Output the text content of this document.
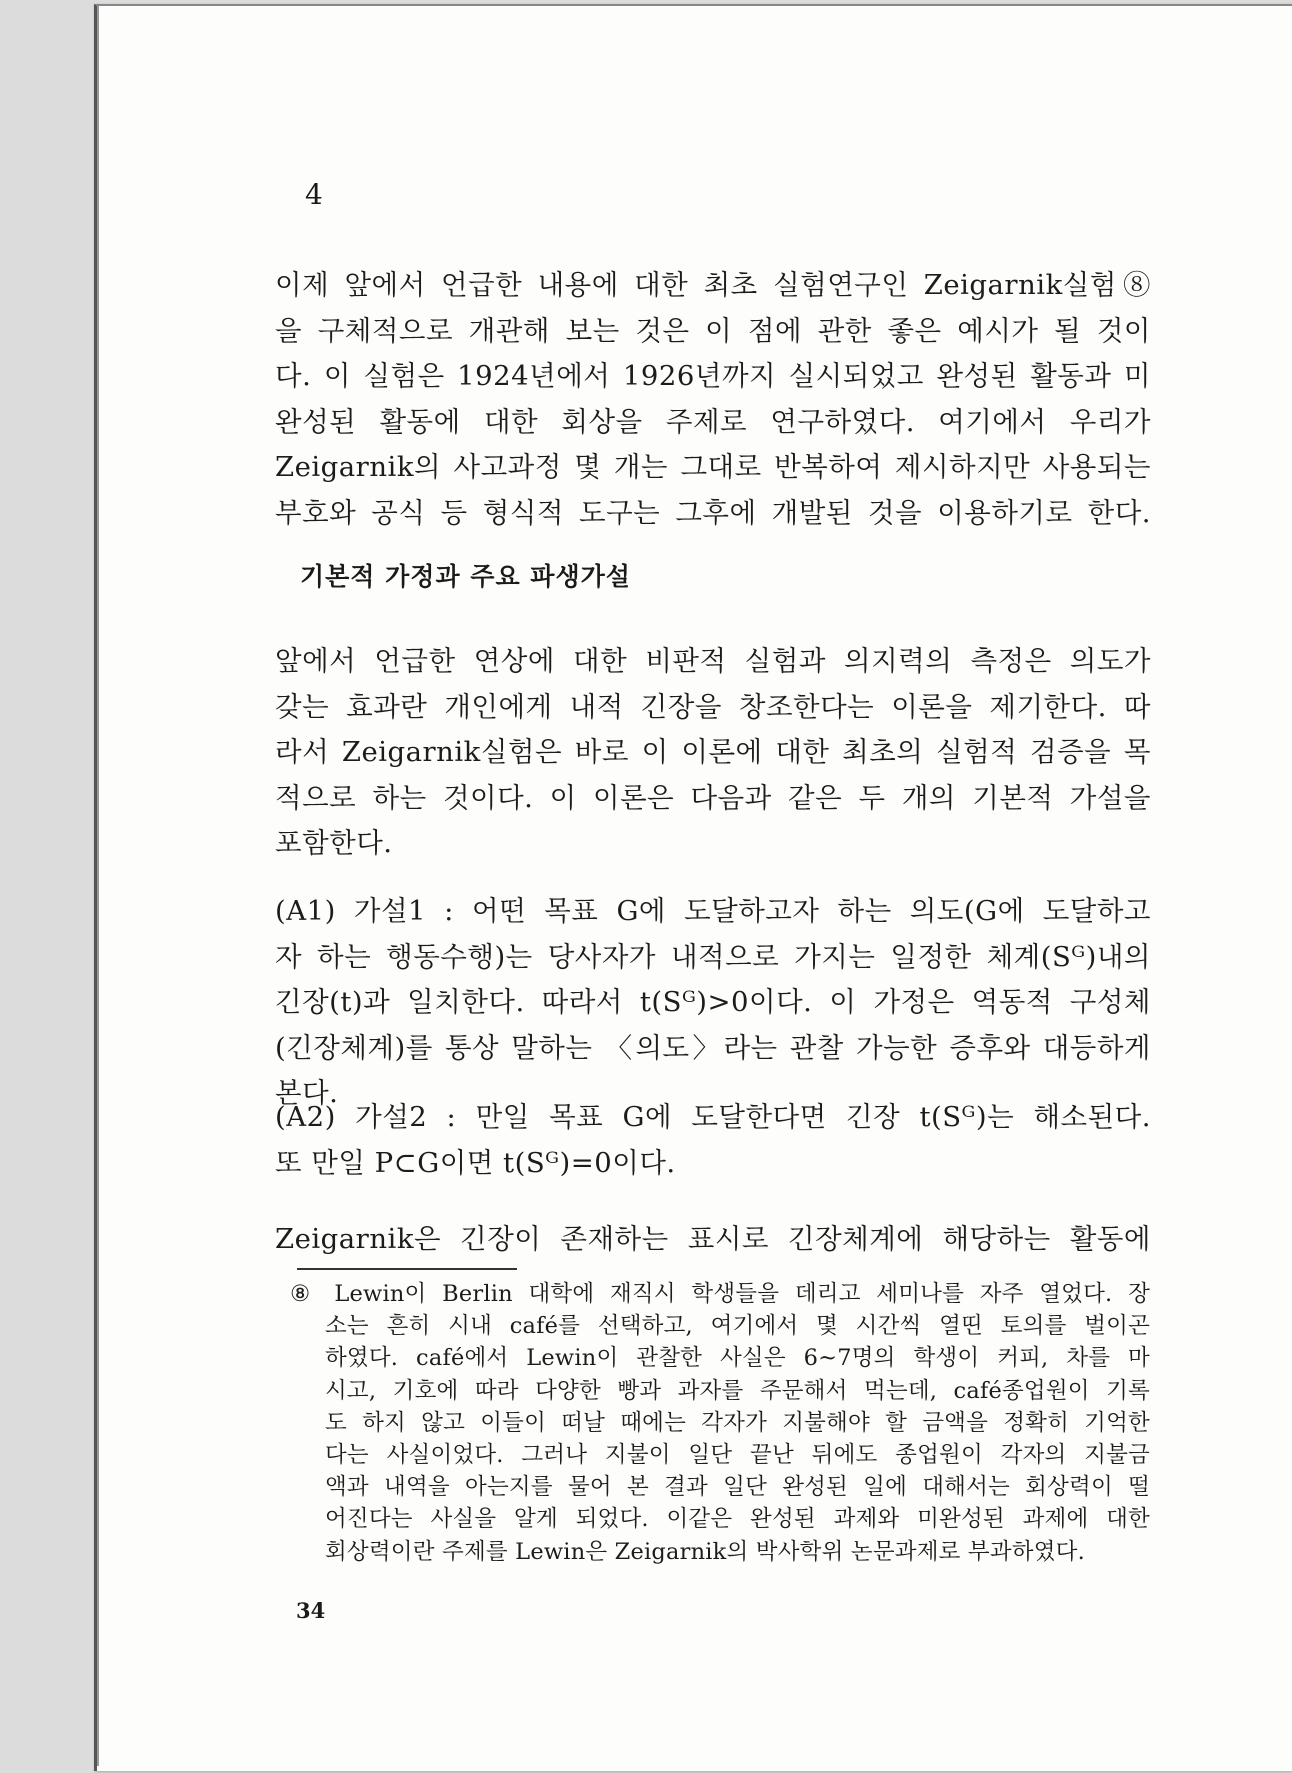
4
이제 앞에서 언급한 내용에 대한 최초 실험연구인 Zeigarnik실험⑧
을 구체적으로 개관해 보는 것은 이 점에 관한 좋은 예시가 될 것이
다. 이 실험은 1924년에서 1926년까지 실시되었고 완성된 활동과 미
완성된 활동에 대한 회상을 주제로 연구하였다. 여기에서 우리가
Zeigarnik의 사고과정 몇 개는 그대로 반복하여 제시하지만 사용되는
부호와 공식 등 형식적 도구는 그후에 개발된 것을 이용하기로 한다.
기본적 가정과 주요 파생가설
앞에서 언급한 연상에 대한 비판적 실험과 의지력의 측정은 의도가
갖는 효과란 개인에게 내적 긴장을 창조한다는 이론을 제기한다. 따
라서 Zeigarnik실험은 바로 이 이론에 대한 최초의 실험적 검증을 목
적으로 하는 것이다. 이 이론은 다음과 같은 두 개의 기본적 가설을
포함한다.
(A1) 가설1 : 어떤 목표 G에 도달하고자 하는 의도(G에 도달하고
자 하는 행동수행)는 당사자가 내적으로 가지는 일정한 체계(Sᴳ)내의
긴장(t)과 일치한다. 따라서 t(Sᴳ)>0이다. 이 가정은 역동적 구성체
(긴장체계)를 통상 말하는 〈의도〉라는 관찰 가능한 증후와 대등하게
본다.
(A2) 가설2 : 만일 목표 G에 도달한다면 긴장 t(Sᴳ)는 해소된다.
또 만일 P⊂G이면 t(Sᴳ)=0이다.
Zeigarnik은 긴장이 존재하는 표시로 긴장체계에 해당하는 활동에
⑧ Lewin이 Berlin 대학에 재직시 학생들을 데리고 세미나를 자주 열었다. 장
소는 흔히 시내 café를 선택하고, 여기에서 몇 시간씩 열띤 토의를 벌이곤
하였다. café에서 Lewin이 관찰한 사실은 6~7명의 학생이 커피, 차를 마
시고, 기호에 따라 다양한 빵과 과자를 주문해서 먹는데, café종업원이 기록
도 하지 않고 이들이 떠날 때에는 각자가 지불해야 할 금액을 정확히 기억한
다는 사실이었다. 그러나 지불이 일단 끝난 뒤에도 종업원이 각자의 지불금
액과 내역을 아는지를 물어 본 결과 일단 완성된 일에 대해서는 회상력이 떨
어진다는 사실을 알게 되었다. 이같은 완성된 과제와 미완성된 과제에 대한
회상력이란 주제를 Lewin은 Zeigarnik의 박사학위 논문과제로 부과하였다.
34
